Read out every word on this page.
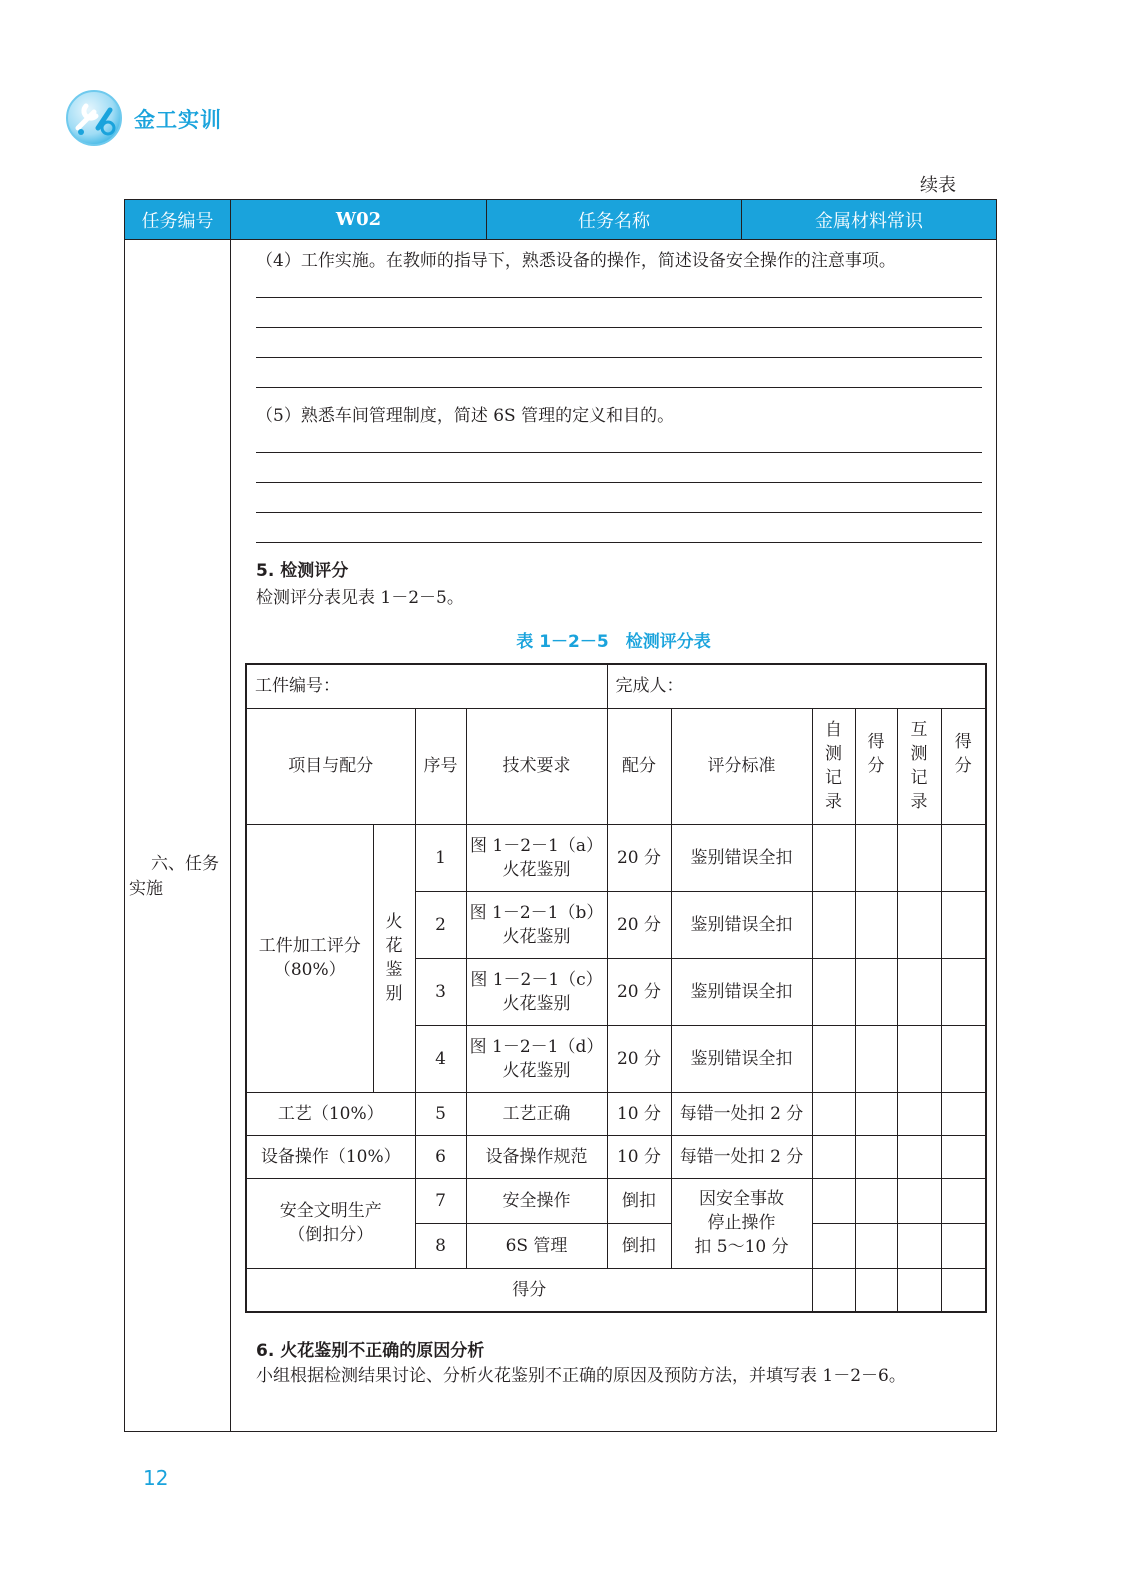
金工实训
续表
任务编号	W02	任务名称	金属材料常识
六、任务
实施
（4）工作实施。在教师的指导下，熟悉设备的操作，简述设备安全操作的注意事项。
（5）熟悉车间管理制度，简述 6S 管理的定义和目的。
5. 检测评分
检测评分表见表 1－2－5。
表 1－2－5　检测评分表
工件编号：				完成人：					
项目与配分		序号	技术要求	配分	评分标准	自测记录	得分	互测记录	得分
工件加工评分
（80%）	火花鉴别	1	图 1－2－1（a）
火花鉴别	20 分	鉴别错误全扣				
		2	图 1－2－1（b）
火花鉴别	20 分	鉴别错误全扣				
		3	图 1－2－1（c）
火花鉴别	20 分	鉴别错误全扣				
		4	图 1－2－1（d）
火花鉴别	20 分	鉴别错误全扣				
工艺（10%）		5	工艺正确	10 分	每错一处扣 2 分				
设备操作（10%）		6	设备操作规范	10 分	每错一处扣 2 分				
安全文明生产
（倒扣分）		7	安全操作	倒扣	因安全事故
停止操作
扣 5～10 分				
		8	6S 管理	倒扣					
得分									
6. 火花鉴别不正确的原因分析
小组根据检测结果讨论、分析火花鉴别不正确的原因及预防方法，并填写表 1－2－6。
12
